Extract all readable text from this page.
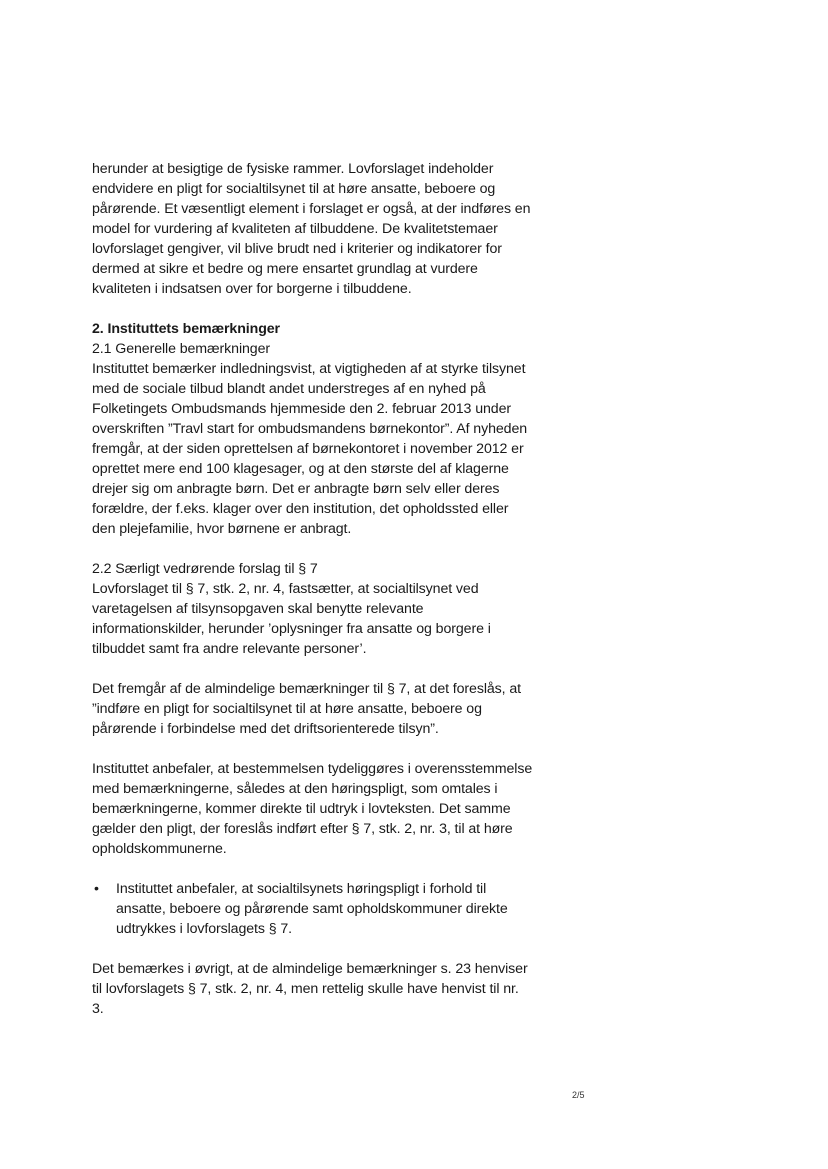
herunder at besigtige de fysiske rammer. Lovforslaget indeholder

endvidere en pligt for socialtilsynet til at høre ansatte, beboere og

pårørende. Et væsentligt element i forslaget er også, at der indføres en

model for vurdering af kvaliteten af tilbuddene. De kvalitetstemaer

lovforslaget gengiver, vil blive brudt ned i kriterier og indikatorer for

dermed at sikre et bedre og mere ensartet grundlag at vurdere

kvaliteten i indsatsen over for borgerne i tilbuddene.

2. Instituttets bemærkninger

2.1 Generelle bemærkninger

Instituttet bemærker indledningsvist, at vigtigheden af at styrke tilsynet

med de sociale tilbud blandt andet understreges af en nyhed på

Folketingets Ombudsmands hjemmeside den 2. februar 2013 under

overskriften ”Travl start for ombudsmandens børnekontor”. Af nyheden

fremgår, at der siden oprettelsen af børnekontoret i november 2012 er

oprettet mere end 100 klagesager, og at den største del af klagerne

drejer sig om anbragte børn. Det er anbragte børn selv eller deres

forældre, der f.eks. klager over den institution, det opholdssted eller

den plejefamilie, hvor børnene er anbragt.

2.2 Særligt vedrørende forslag til § 7

Lovforslaget til § 7, stk. 2, nr. 4, fastsætter, at socialtilsynet ved

varetagelsen af tilsynsopgaven skal benytte relevante

informationskilder, herunder ’oplysninger fra ansatte og borgere i

tilbuddet samt fra andre relevante personer’.

Det fremgår af de almindelige bemærkninger til § 7, at det foreslås, at

”indføre en pligt for socialtilsynet til at høre ansatte, beboere og

pårørende i forbindelse med det driftsorienterede tilsyn”.

Instituttet anbefaler, at bestemmelsen tydeliggøres i overensstemmelse

med bemærkningerne, således at den høringspligt, som omtales i

bemærkningerne, kommer direkte til udtryk i lovteksten. Det samme

gælder den pligt, der foreslås indført efter § 7, stk. 2, nr. 3, til at høre

opholdskommunerne.

•	Instituttet anbefaler, at socialtilsynets høringspligt i forhold til

ansatte, beboere og pårørende samt opholdskommuner direkte

udtrykkes i lovforslagets § 7.

Det bemærkes i øvrigt, at de almindelige bemærkninger s. 23 henviser

til lovforslagets § 7, stk. 2, nr. 4, men rettelig skulle have henvist til nr.

3.

2/5
